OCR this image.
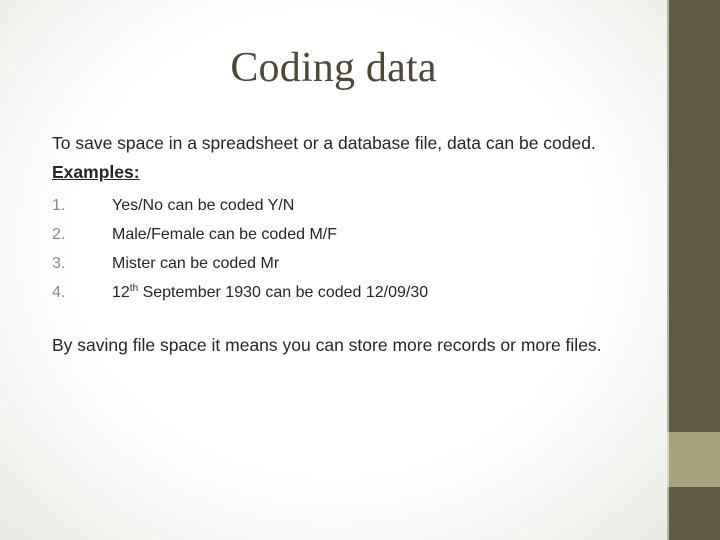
Coding data

To save space in a spreadsheet or a database file, data can be coded.

Examples:

1.	Yes/No can be coded Y/N
2.	Male/Female can be coded M/F
3.	Mister can be coded Mr
4.	12th September 1930 can be coded 12/09/30

By saving file space it means you can store more records or more files.
